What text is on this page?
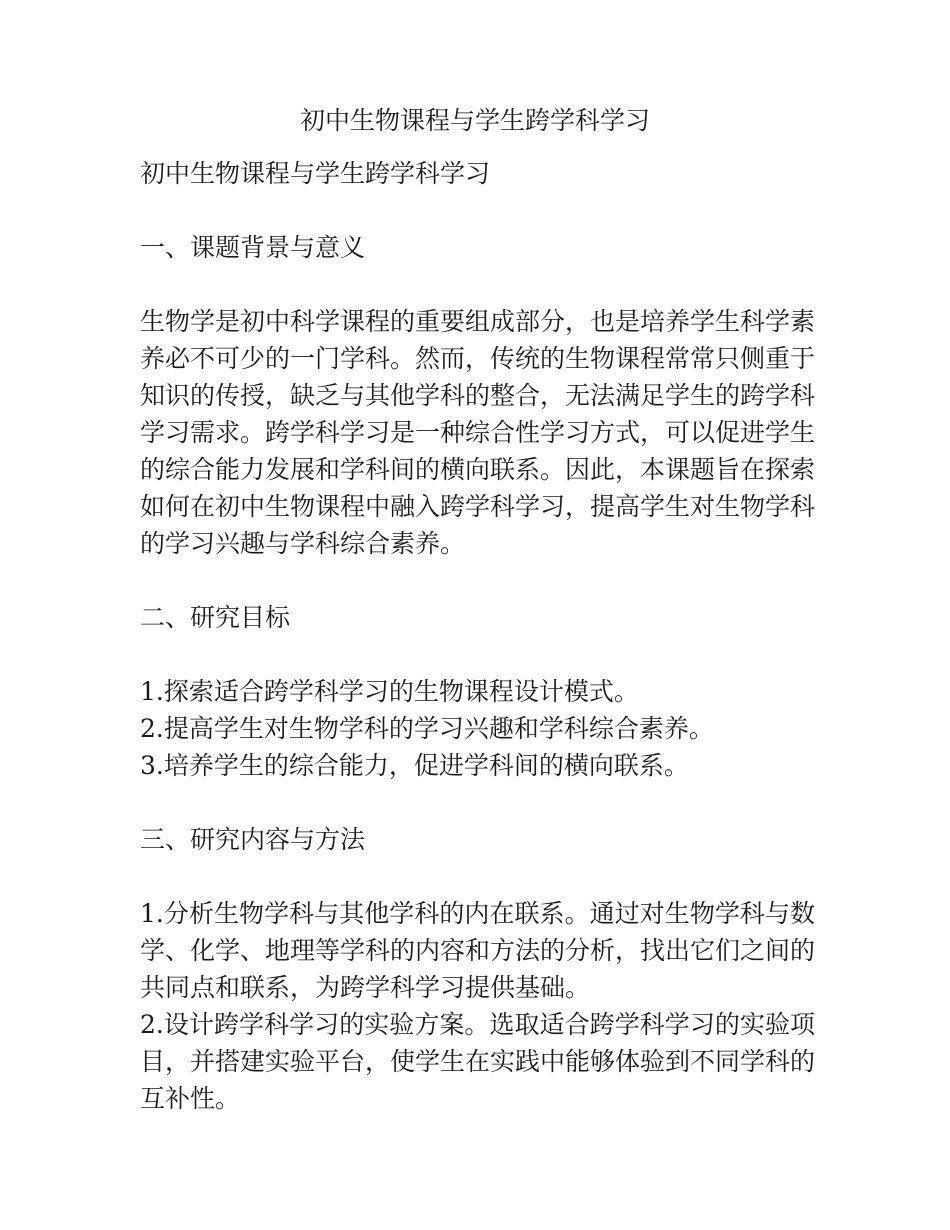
初中生物课程与学生跨学科学习

初中生物课程与学生跨学科学习

一、课题背景与意义

生物学是初中科学课程的重要组成部分，也是培养学生科学素养必不可少的一门学科。然而，传统的生物课程常常只侧重于知识的传授，缺乏与其他学科的整合，无法满足学生的跨学科学习需求。跨学科学习是一种综合性学习方式，可以促进学生的综合能力发展和学科间的横向联系。因此，本课题旨在探索如何在初中生物课程中融入跨学科学习，提高学生对生物学科的学习兴趣与学科综合素养。

二、研究目标

1.探索适合跨学科学习的生物课程设计模式。

2.提高学生对生物学科的学习兴趣和学科综合素养。

3.培养学生的综合能力，促进学科间的横向联系。

三、研究内容与方法

1.分析生物学科与其他学科的内在联系。通过对生物学科与数学、化学、地理等学科的内容和方法的分析，找出它们之间的共同点和联系，为跨学科学习提供基础。

2.设计跨学科学习的实验方案。选取适合跨学科学习的实验项目，并搭建实验平台，使学生在实践中能够体验到不同学科的互补性。
